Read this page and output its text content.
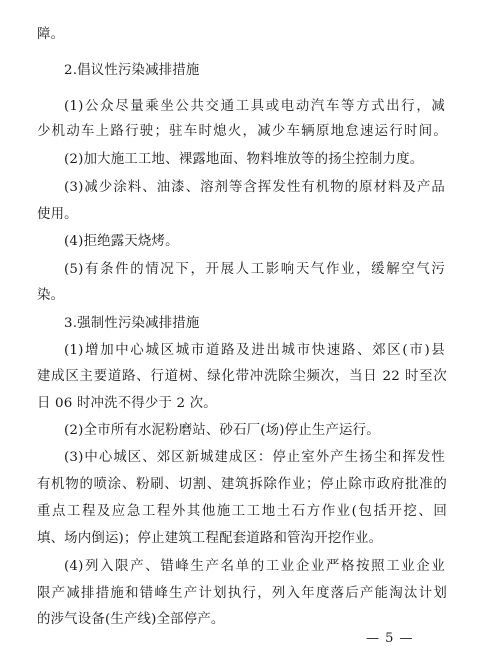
障。
2.倡议性污染减排措施
(1)公众尽量乘坐公共交通工具或电动汽车等方式出行，减
少机动车上路行驶；驻车时熄火，减少车辆原地怠速运行时间。
(2)加大施工工地、裸露地面、物料堆放等的扬尘控制力度。
(3)减少涂料、油漆、溶剂等含挥发性有机物的原材料及产品
使用。
(4)拒绝露天烧烤。
(5)有条件的情况下，开展人工影响天气作业，缓解空气污
染。
3.强制性污染减排措施
(1)增加中心城区城市道路及进出城市快速路、郊区(市)县
建成区主要道路、行道树、绿化带冲洗除尘频次，当日 22 时至次
日 06 时冲洗不得少于 2 次。
(2)全市所有水泥粉磨站、砂石厂(场)停止生产运行。
(3)中心城区、郊区新城建成区：停止室外产生扬尘和挥发性
有机物的喷涂、粉刷、切割、建筑拆除作业；停止除市政府批准的
重点工程及应急工程外其他施工工地土石方作业(包括开挖、回
填、场内倒运)；停止建筑工程配套道路和管沟开挖作业。
(4)列入限产、错峰生产名单的工业企业严格按照工业企业
限产减排措施和错峰生产计划执行，列入年度落后产能淘汰计划
的涉气设备(生产线)全部停产。
— 5 —
